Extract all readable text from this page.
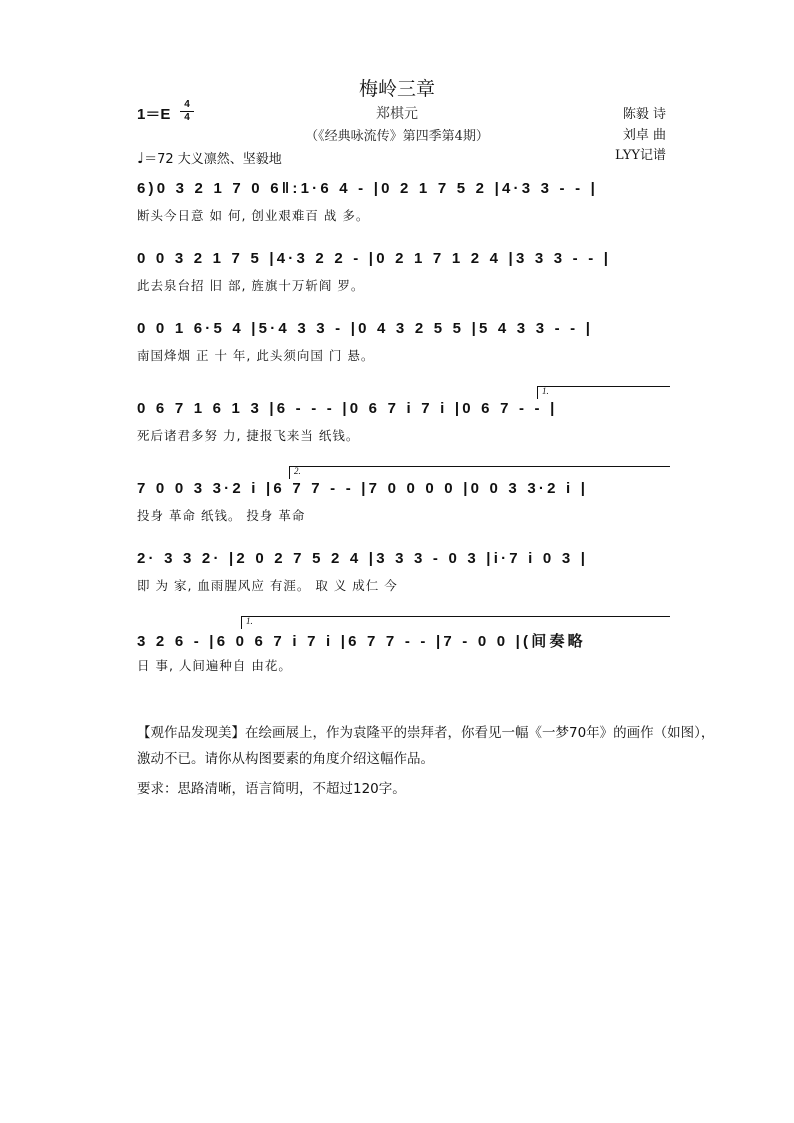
梅岭三章
1＝E
4
4	郑棋元
（《经典咏流传》第四季第4期）
陈毅 诗
刘卓 曲
LYY记谱
♩＝72 大义凛然、坚毅地
6)0 3 2 1 7 0 6‖:1·6 4 - |0 2 1 7 5 2 |4·3 3 - - |
断头今日意 如 何, 创业艰难百 战 多。
0 0 3 2 1 7 5 |4·3 2 2 - |0 2 1 7 1 2 4 |3 3 3 - - |
此去泉台招 旧 部, 旌旗十万斩阎 罗。
0 0 1 6·5 4 |5·4 3 3 - |0 4 3 2 5 5 |5 4 3 3 - - |
南国烽烟 正 十 年, 此头须向国 门 悬。
1.
0 6 7 1 6 1 3 |6 - - - |0 6 7 i 7 i |0 6 7 - - |
死后诸君多努 力, 捷报飞来当 纸钱。
2.
7 0 0 3 3·2 i |6 7 7 - - |7 0 0 0 0 |0 0 3 3·2 i |
投身 革命 纸钱。 投身 革命
2· 3 3 2· |2 0 2 7 5 2 4 |3 3 3 - 0 3 |i·7 i 0 3 |
即 为 家, 血雨腥风应 有涯。 取 义 成仁 今
1.
3 2 6 - |6 0 6 7 i 7 i |6 7 7 - - |7 - 0 0 |(间奏略
日 事, 人间遍种自 由花。

【观作品发现美】在绘画展上，作为袁隆平的崇拜者，你看见一幅《一梦70年》的画作（如图），激动不已。请你从构图要素的角度介绍这幅作品。

要求：思路清晰，语言简明，不超过120字。
